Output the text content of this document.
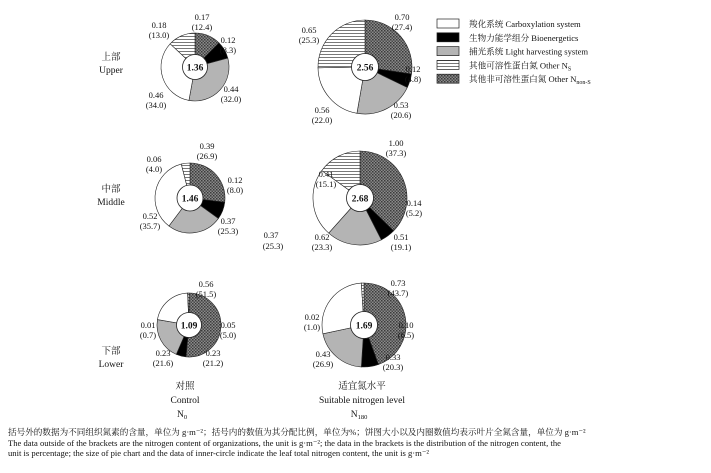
1.36	2.56
1.46	2.68
1.09	1.69
0.46
(34.0)
0.12
(8.3)
0.44
(32.0)
0.18
(13.0)
0.17
(12.4)
0.56
(22.0)
0.12
(4.8)
0.53
(20.6)
0.65
(25.3)
0.70
(27.4)
0.52
(35.7)
0.12
(8.0)
0.37
(25.3)
0.06
(4.0)
0.39
(26.9)
0.62
(23.3)
0.14
(5.2)
0.51
(19.1)
0.41
(15.1)
1.00
(37.3)
0.23
(21.6)
0.05
(5.0)
0.23
(21.2)
0.01
(0.7)
0.56
(51.5)
0.43
(26.9)
0.10
(6.5)
0.33
(20.3)
0.02
(1.0)
0.73
(43.7)
0.37
(25.3)
羧化系统 Carboxylation system
生物力能学组分 Bioenergetics
捕光系统 Light harvesting system
其他可溶性蛋白氮 Other $N_S$
其他非可溶性蛋白氮 Other $N_{non-S}$
上部
Upper
中部
Middle
下部
Lower
对照
Control
$N_0$
适宜氮水平
Suitable nitrogen level
$N_{180}$
括号外的数据为不同组织氮素的含量，单位为 g·m⁻²；括号内的数值为其分配比例，单位为%；饼图大小以及内圈数值均表示叶片全氮含量，单位为 g·m⁻²
The data outside of the brackets are the nitrogen content of organizations, the unit is g·m⁻²; the data in the brackets is the distribution of the nitrogen content, the
unit is percentage; the size of pie chart and the data of inner-circle indicate the leaf total nitrogen content, the unit is g·m⁻²
